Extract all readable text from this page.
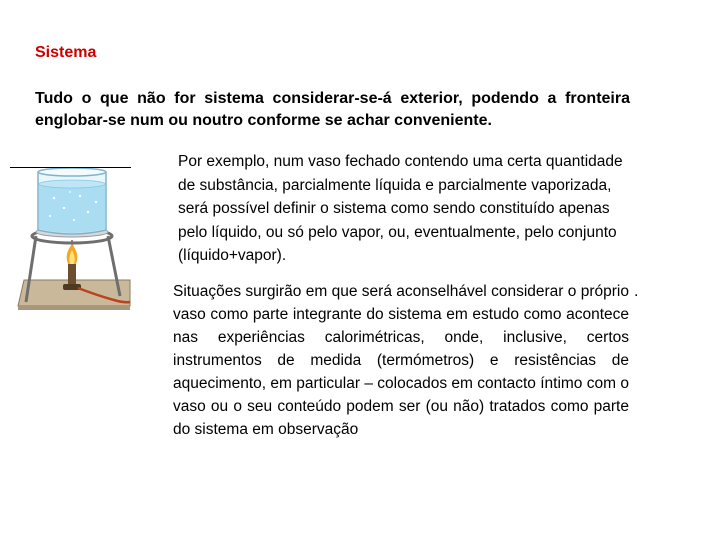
Sistema

Tudo o que não for sistema considerar-se-á exterior, podendo a fronteira englobar-se num ou noutro conforme se achar conveniente.

Por exemplo, num vaso fechado contendo uma certa quantidade de substância, parcialmente líquida e parcialmente vaporizada, será possível definir o sistema como sendo constituído apenas pelo líquido, ou só pelo vapor, ou, eventualmente, pelo conjunto (líquido+vapor).

Situações surgirão em que será aconselhável considerar o próprio vaso como parte integrante do sistema em estudo como acontece nas experiências calorimétricas, onde, inclusive, certos instrumentos de medida (termómetros) e resistências de aquecimento, em particular – colocados em contacto íntimo com o vaso ou o seu conteúdo podem ser (ou não) tratados como parte do sistema em observação

.
